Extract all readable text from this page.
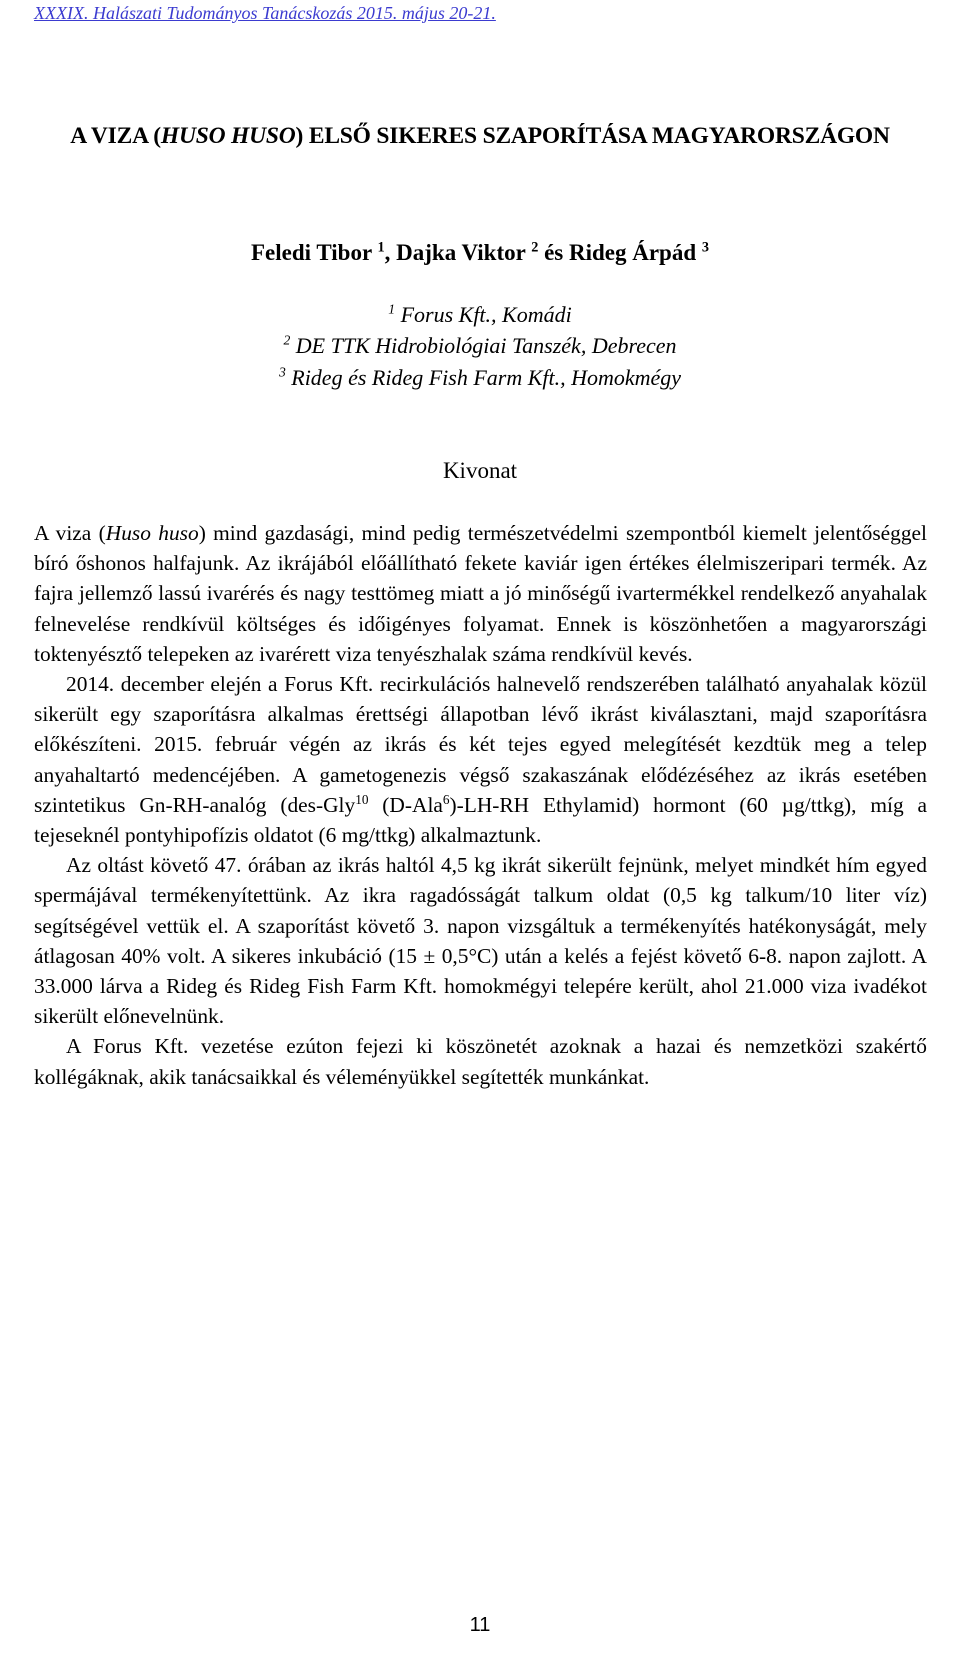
XXXIX. Halászati Tudományos Tanácskozás 2015. május 20-21.
A VIZA (HUSO HUSO) ELSŐ SIKERES SZAPORÍTÁSA MAGYARORSZÁGON
Feledi Tibor $^1$, Dajka Viktor $^2$ és Rideg Árpád $^3$
$^1$ Forus Kft., Komádi
$^2$ DE TTK Hidrobiológiai Tanszék, Debrecen
$^3$ Rideg és Rideg Fish Farm Kft., Homokmégy
Kivonat

A viza (Huso huso) mind gazdasági, mind pedig természetvédelmi szempontból kiemelt jelentőséggel bíró őshonos halfajunk. Az ikrájából előállítható fekete kaviár igen értékes élelmiszeripari termék. Az fajra jellemző lassú ivarérés és nagy testtömeg miatt a jó minőségű ivartermékkel rendelkező anyahalak felnevelése rendkívül költséges és időigényes folyamat. Ennek is köszönhetően a magyarországi toktenyésztő telepeken az ivarérett viza tenyészhalak száma rendkívül kevés.

2014. december elején a Forus Kft. recirkulációs halnevelő rendszerében található anyahalak közül sikerült egy szaporításra alkalmas érettségi állapotban lévő ikrást kiválasztani, majd szaporításra előkészíteni. 2015. február végén az ikrás és két tejes egyed melegítését kezdtük meg a telep anyahaltartó medencéjében. A gametogenezis végső szakaszának elődézéséhez az ikrás esetében szintetikus Gn-RH-analóg (des-Gly$^{10}$ (D-Ala$^6$)-LH-RH Ethylamid) hormont (60 µg/ttkg), míg a tejeseknél pontyhipofízis oldatot (6 mg/ttkg) alkalmaztunk.

Az oltást követő 47. órában az ikrás haltól 4,5 kg ikrát sikerült fejnünk, melyet mindkét hím egyed spermájával termékenyítettünk. Az ikra ragadósságát talkum oldat (0,5 kg talkum/10 liter víz) segítségével vettük el. A szaporítást követő 3. napon vizsgáltuk a termékenyítés hatékonyságát, mely átlagosan 40% volt. A sikeres inkubáció (15 ± 0,5°C) után a kelés a fejést követő 6-8. napon zajlott. A 33.000 lárva a Rideg és Rideg Fish Farm Kft. homokmégyi telepére került, ahol 21.000 viza ivadékot sikerült előnevelnünk.

A Forus Kft. vezetése ezúton fejezi ki köszönetét azoknak a hazai és nemzetközi szakértő kollégáknak, akik tanácsaikkal és véleményükkel segítették munkánkat.

11
